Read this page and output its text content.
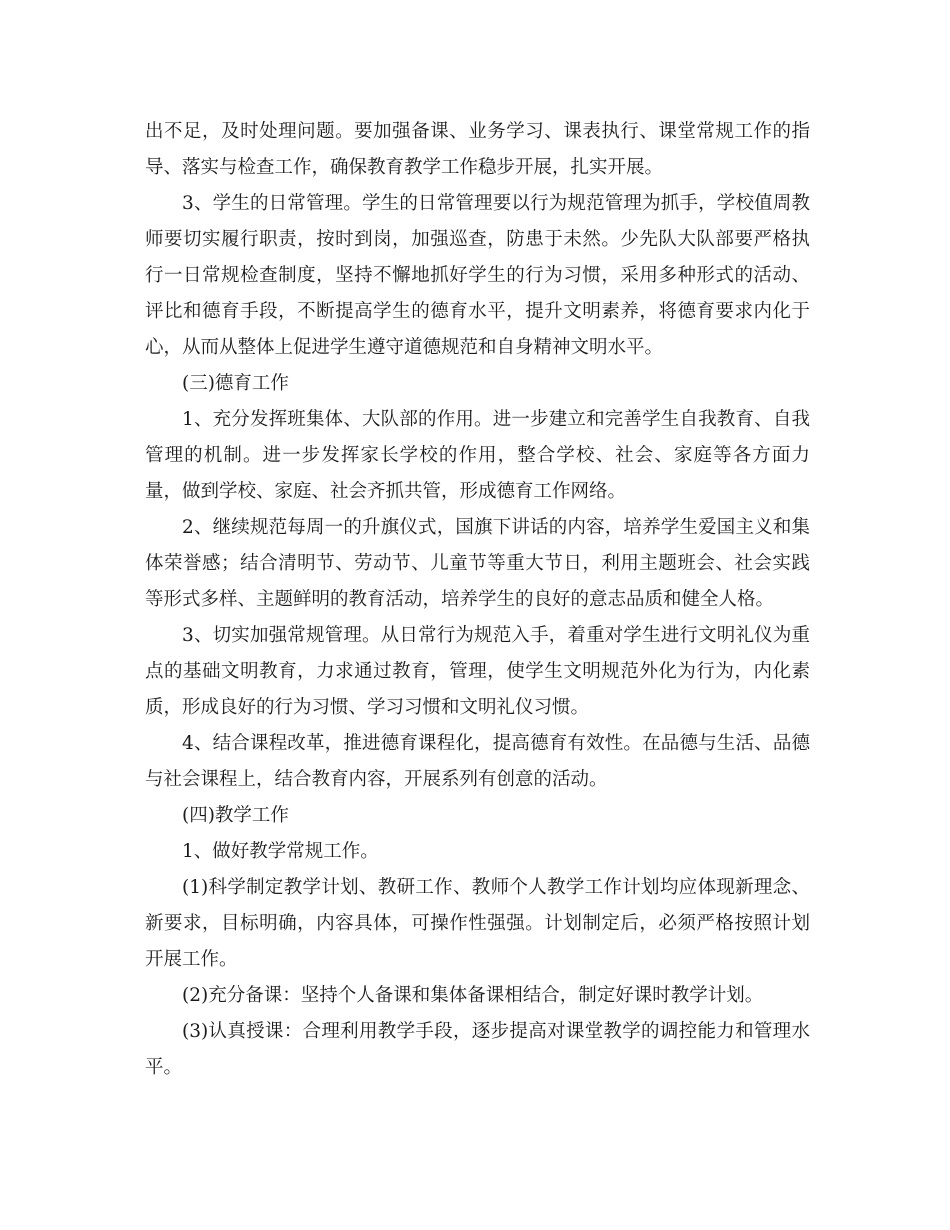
出不足，及时处理问题。要加强备课、业务学习、课表执行、课堂常规工作的指导、落实与检查工作，确保教育教学工作稳步开展，扎实开展。

3、学生的日常管理。学生的日常管理要以行为规范管理为抓手，学校值周教师要切实履行职责，按时到岗，加强巡查，防患于未然。少先队大队部要严格执行一日常规检查制度，坚持不懈地抓好学生的行为习惯，采用多种形式的活动、评比和德育手段，不断提高学生的德育水平，提升文明素养，将德育要求内化于心，从而从整体上促进学生遵守道德规范和自身精神文明水平。

(三)德育工作

1、充分发挥班集体、大队部的作用。进一步建立和完善学生自我教育、自我管理的机制。进一步发挥家长学校的作用，整合学校、社会、家庭等各方面力量，做到学校、家庭、社会齐抓共管，形成德育工作网络。

2、继续规范每周一的升旗仪式，国旗下讲话的内容，培养学生爱国主义和集体荣誉感；结合清明节、劳动节、儿童节等重大节日，利用主题班会、社会实践等形式多样、主题鲜明的教育活动，培养学生的良好的意志品质和健全人格。

3、切实加强常规管理。从日常行为规范入手，着重对学生进行文明礼仪为重点的基础文明教育，力求通过教育，管理，使学生文明规范外化为行为，内化素质，形成良好的行为习惯、学习习惯和文明礼仪习惯。

4、结合课程改革，推进德育课程化，提高德育有效性。在品德与生活、品德与社会课程上，结合教育内容，开展系列有创意的活动。

(四)教学工作

1、做好教学常规工作。

(1)科学制定教学计划、教研工作、教师个人教学工作计划均应体现新理念、新要求，目标明确，内容具体，可操作性强强。计划制定后，必须严格按照计划开展工作。

(2)充分备课：坚持个人备课和集体备课相结合，制定好课时教学计划。

(3)认真授课：合理利用教学手段，逐步提高对课堂教学的调控能力和管理水平。
